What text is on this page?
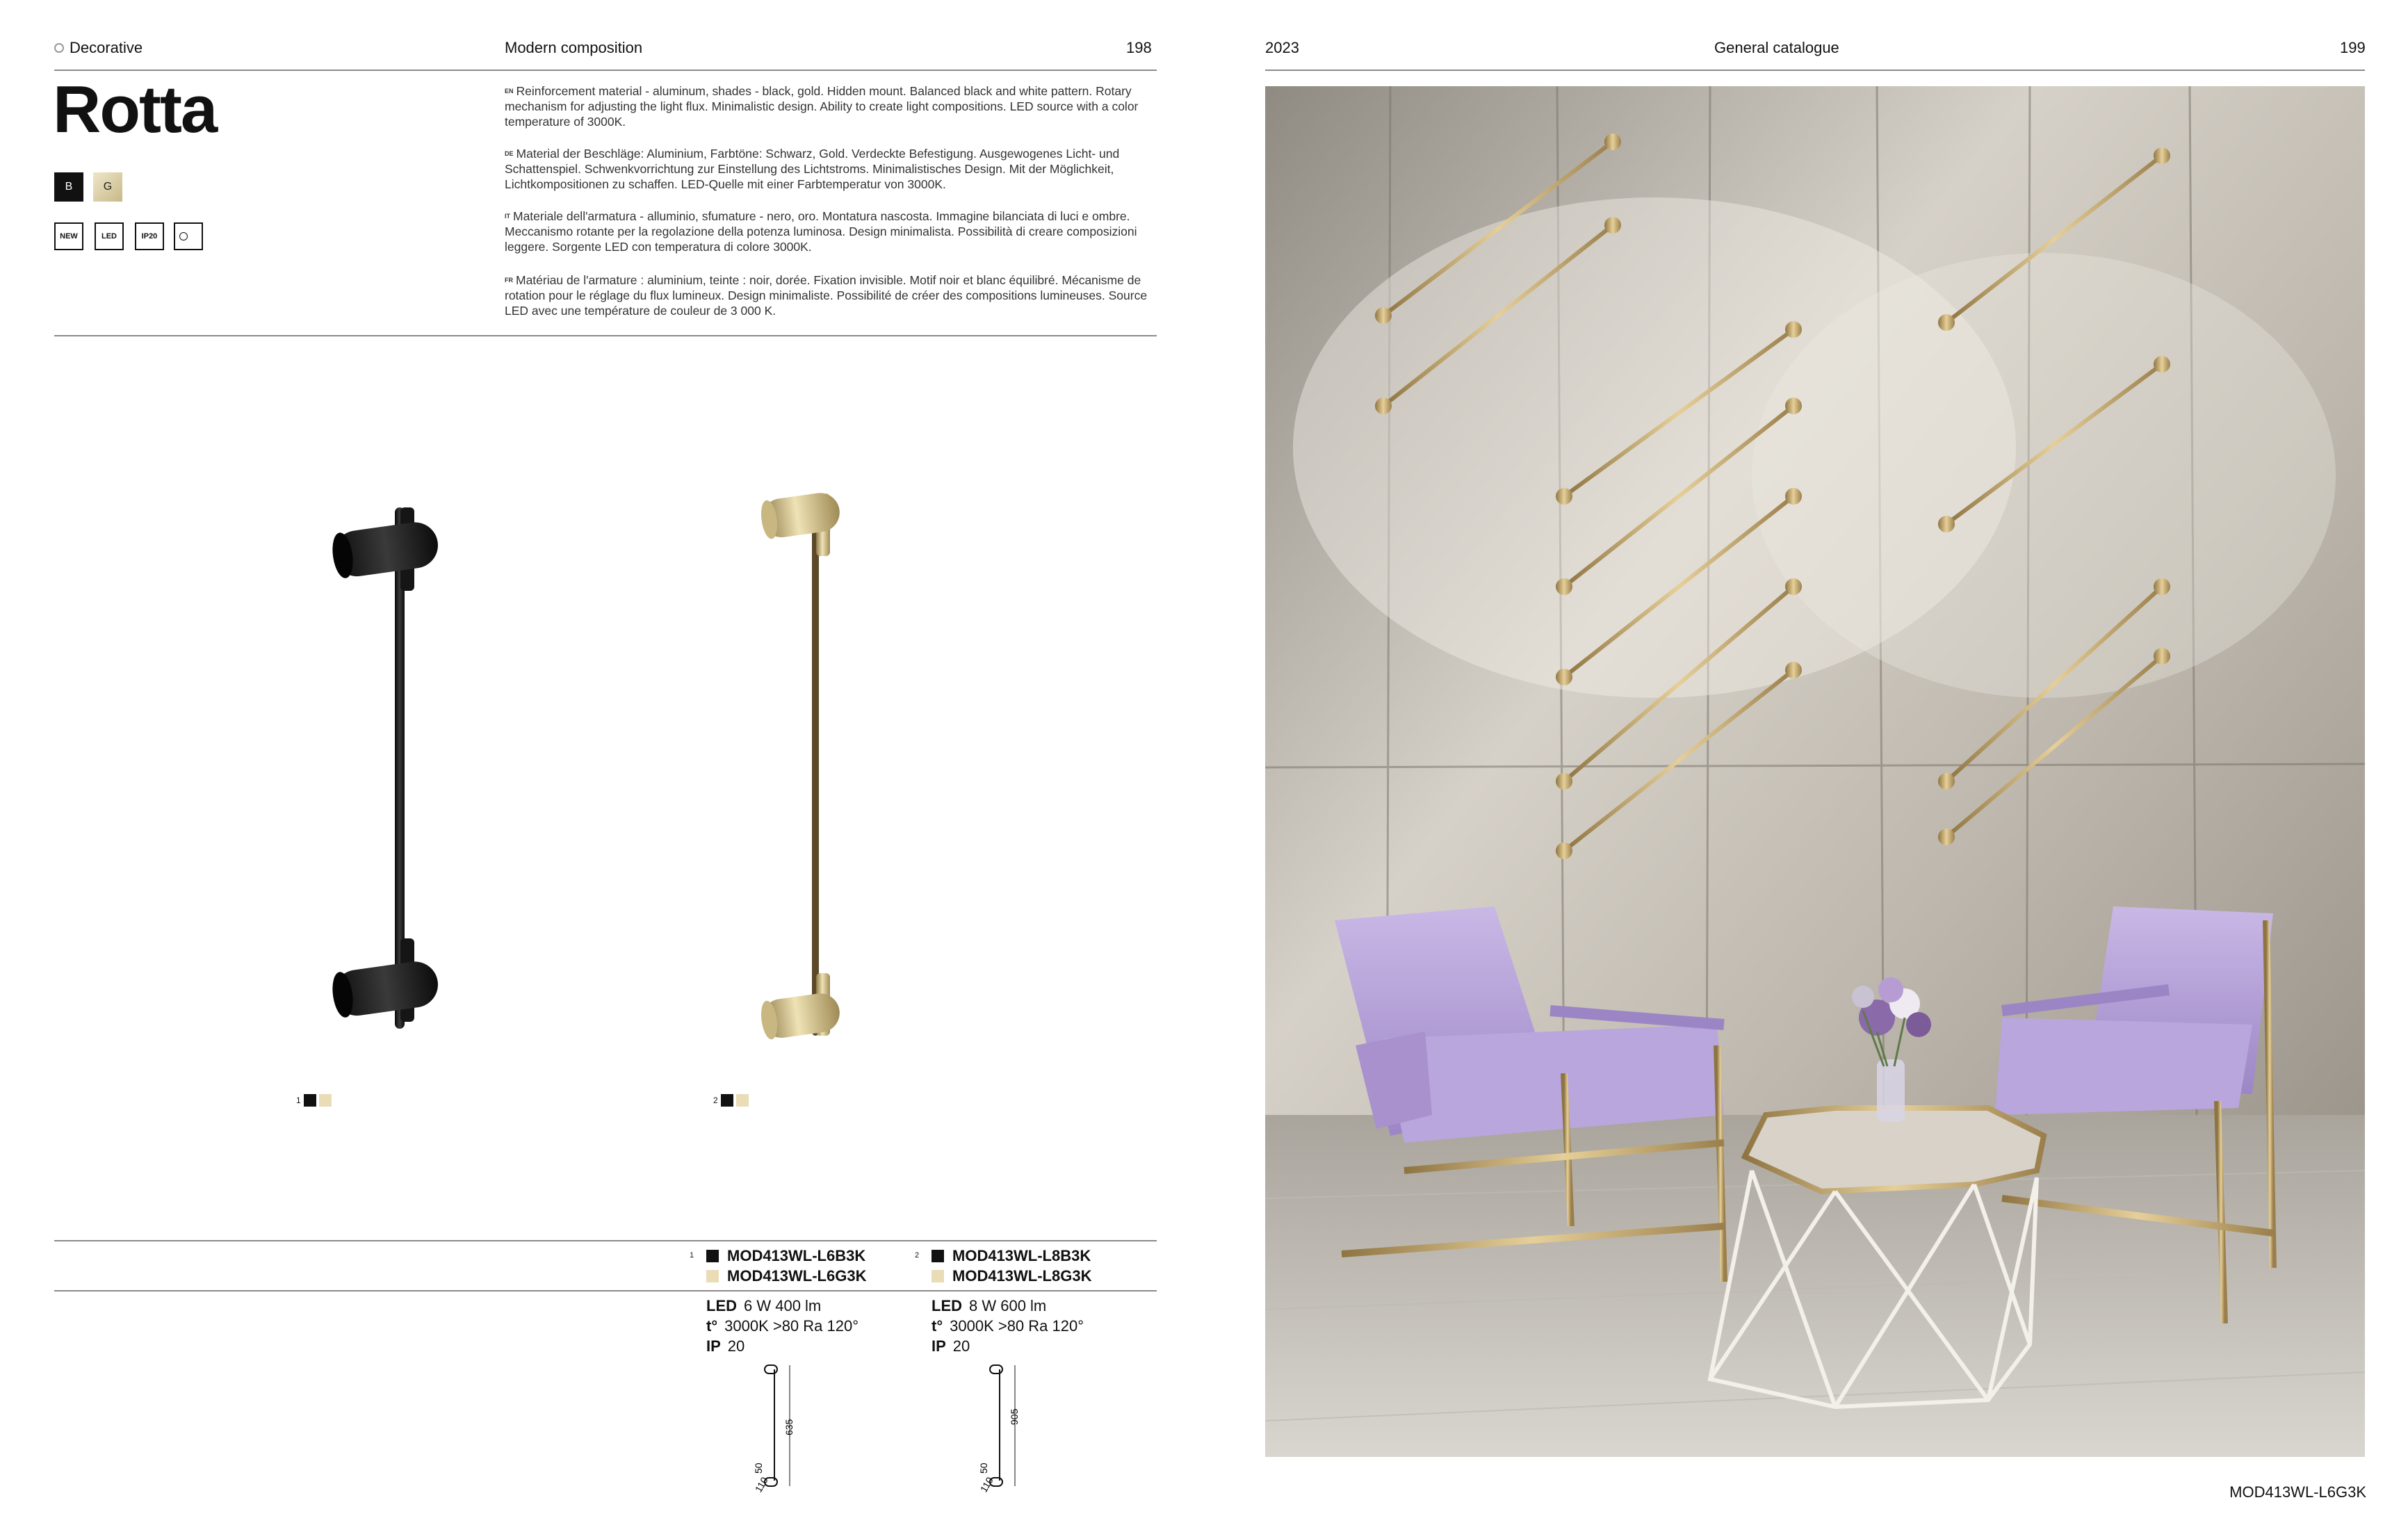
Decorative	Modern composition	198	2023	General catalogue	199
Rotta
B	G
NEW	LED	IP20

$^{EN}$ Reinforcement material - aluminum, shades - black, gold. Hidden mount. Balanced black and white pattern. Rotary mechanism for adjusting the light flux. Minimalistic design. Ability to create light compositions. LED source with a color temperature of 3000K.

$^{DE}$ Material der Beschläge: Aluminium, Farbtöne: Schwarz, Gold. Verdeckte Befestigung. Ausgewogenes Licht- und Schattenspiel. Schwenkvorrichtung zur Einstellung des Lichtstroms. Minimalistisches Design. Mit der Möglichkeit, Lichtkompositionen zu schaffen. LED-Quelle mit einer Farbtemperatur von 3000K.

$^{IT}$ Materiale dell'armatura - alluminio, sfumature - nero, oro. Montatura nascosta. Immagine bilanciata di luci e ombre. Meccanismo rotante per la regolazione della potenza luminosa. Design minimalista. Possibilità di creare composizioni leggere. Sorgente LED con temperatura di colore 3000K.

$^{FR}$ Matériau de l'armature : aluminium, teinte : noir, dorée. Fixation invisible. Motif noir et blanc équilibré. Mécanisme de rotation pour le réglage du flux lumineux. Design minimaliste. Possibilité de créer des compositions lumineuses. Source LED avec une température de couleur de 3 000 K.

1	2
1 MOD413WL-L6B3K
MOD413WL-L6G3K
2 MOD413WL-L8B3K
MOD413WL-L8G3K
LED 6 W 400 lm
t° 3000K >80 Ra 120°
IP 20
LED 8 W 600 lm
t° 3000K >80 Ra 120°
IP 20
635
50
110
905
50
110	MOD413WL-L6G3K
